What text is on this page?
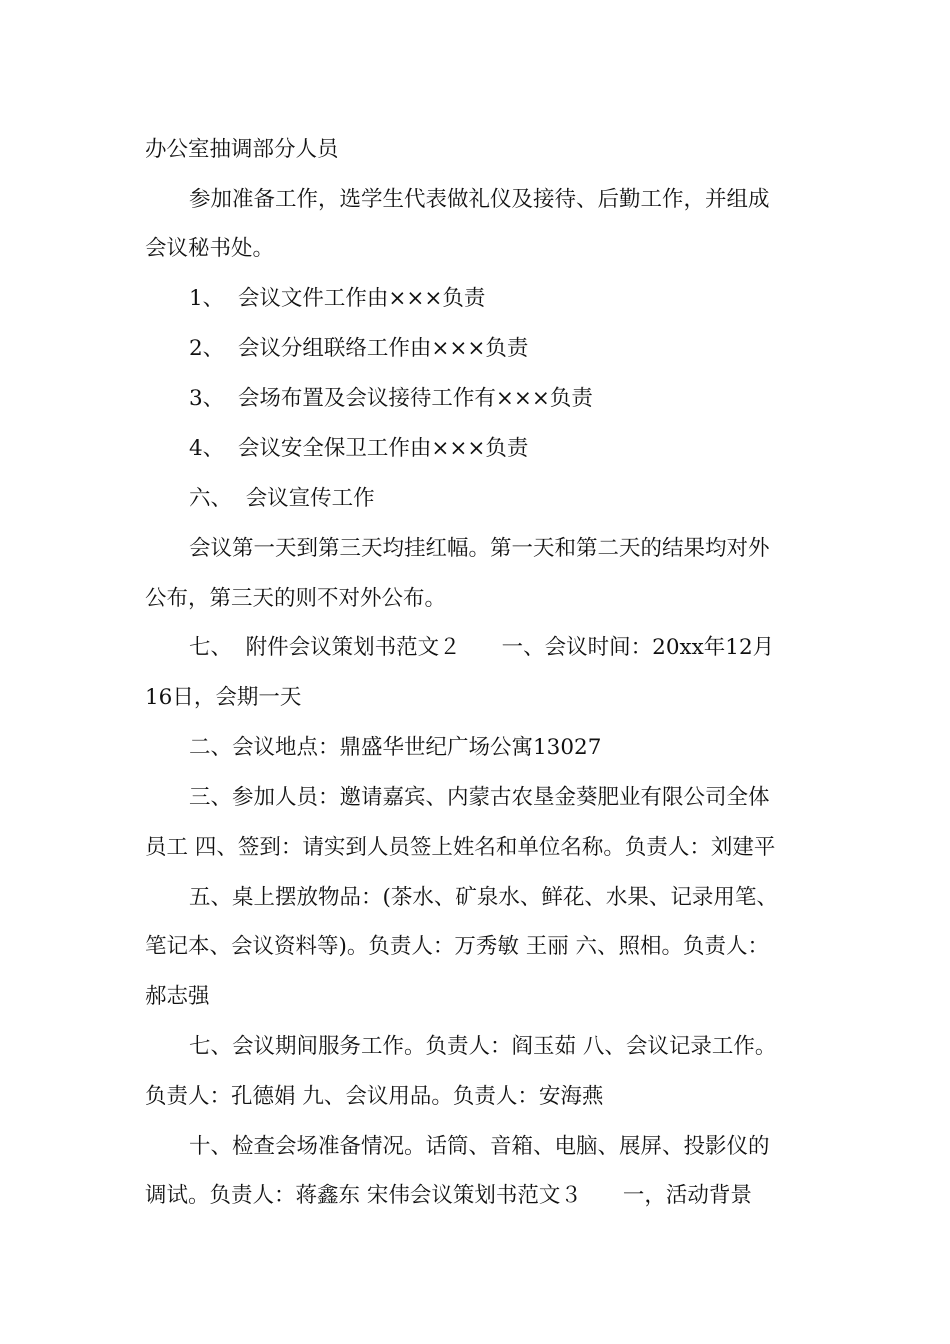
办公室抽调部分人员
参加准备工作，选学生代表做礼仪及接待、后勤工作，并组成
会议秘书处。
1、  会议文件工作由×××负责
2、  会议分组联络工作由×××负责
3、  会场布置及会议接待工作有×××负责
4、  会议安全保卫工作由×××负责
六、  会议宣传工作
会议第一天到第三天均挂红幅。第一天和第二天的结果均对外
公布，第三天的则不对外公布。
七、  附件会议策划书范文２      一、会议时间：20xx年12月
16日，会期一天
二、会议地点：鼎盛华世纪广场公寓13027
三、参加人员：邀请嘉宾、内蒙古农垦金葵肥业有限公司全体
员工 四、签到：请实到人员签上姓名和单位名称。负责人：刘建平
五、桌上摆放物品：(茶水、矿泉水、鲜花、水果、记录用笔、
笔记本、会议资料等)。负责人：万秀敏 王丽 六、照相。负责人：
郝志强
七、会议期间服务工作。负责人：阎玉茹 八、会议记录工作。
负责人：孔德娟 九、会议用品。负责人：安海燕
十、检查会场准备情况。话筒、音箱、电脑、展屏、投影仪的
调试。负责人：蒋鑫东 宋伟会议策划书范文３      一，活动背景
